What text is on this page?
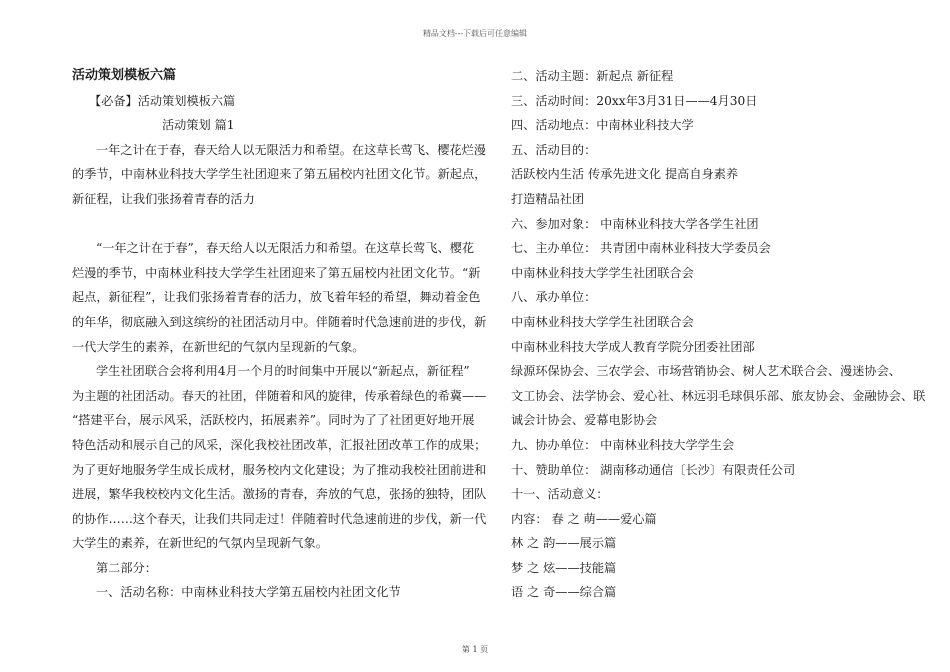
精品文档---下载后可任意编辑

活动策划模板六篇

【必备】活动策划模板六篇

活动策划 篇1

一年之计在于春，春天给人以无限活力和希望。在这草长莺飞、樱花烂漫

的季节，中南林业科技大学学生社团迎来了第五届校内社团文化节。新起点，

新征程，让我们张扬着青春的活力

“一年之计在于春”，春天给人以无限活力和希望。在这草长莺飞、樱花

烂漫的季节，中南林业科技大学学生社团迎来了第五届校内社团文化节。“新

起点，新征程”，让我们张扬着青春的活力，放飞着年轻的希望，舞动着金色

的年华，彻底融入到这缤纷的社团活动月中。伴随着时代急速前进的步伐，新

一代大学生的素养，在新世纪的气氛内呈现新的气象。

学生社团联合会将利用4月一个月的时间集中开展以“新起点，新征程”

为主题的社团活动。春天的社团，伴随着和风的旋律，传承着绿色的希冀——

“搭建平台，展示风采，活跃校内，拓展素养”。同时为了了社团更好地开展

特色活动和展示自己的风采，深化我校社团改革，汇报社团改革工作的成果；

为了更好地服务学生成长成材，服务校内文化建设；为了推动我校社团前进和

进展，繁华我校校内文化生活。激扬的青春，奔放的气息，张扬的独特，团队

的协作……这个春天，让我们共同走过！伴随着时代急速前进的步伐，新一代

大学生的素养，在新世纪的气氛内呈现新气象。

第二部分：

一、活动名称：中南林业科技大学第五届校内社团文化节

二、活动主题：新起点 新征程

三、活动时间：20xx年3月31日——4月30日

四、活动地点：中南林业科技大学

五、活动目的：

活跃校内生活 传承先进文化 提高自身素养

打造精品社团

六、参加对象： 中南林业科技大学各学生社团

七、主办单位： 共青团中南林业科技大学委员会

中南林业科技大学学生社团联合会

八、承办单位：

中南林业科技大学学生社团联合会

中南林业科技大学成人教育学院分团委社团部

绿源环保协会、三农学会、市场营销协会、树人艺术联合会、漫迷协会、

文工协会、法学协会、爱心社、林远羽毛球俱乐部、旅友协会、金融协会、联

诚会计协会、爱幕电影协会

九、协办单位： 中南林业科技大学学生会

十、赞助单位： 湖南移动通信〔长沙〕有限责任公司

十一、活动意义：

内容： 春 之 萌——爱心篇

林 之 韵——展示篇

梦 之 炫——技能篇

语 之 奇——综合篇

第 1 页
